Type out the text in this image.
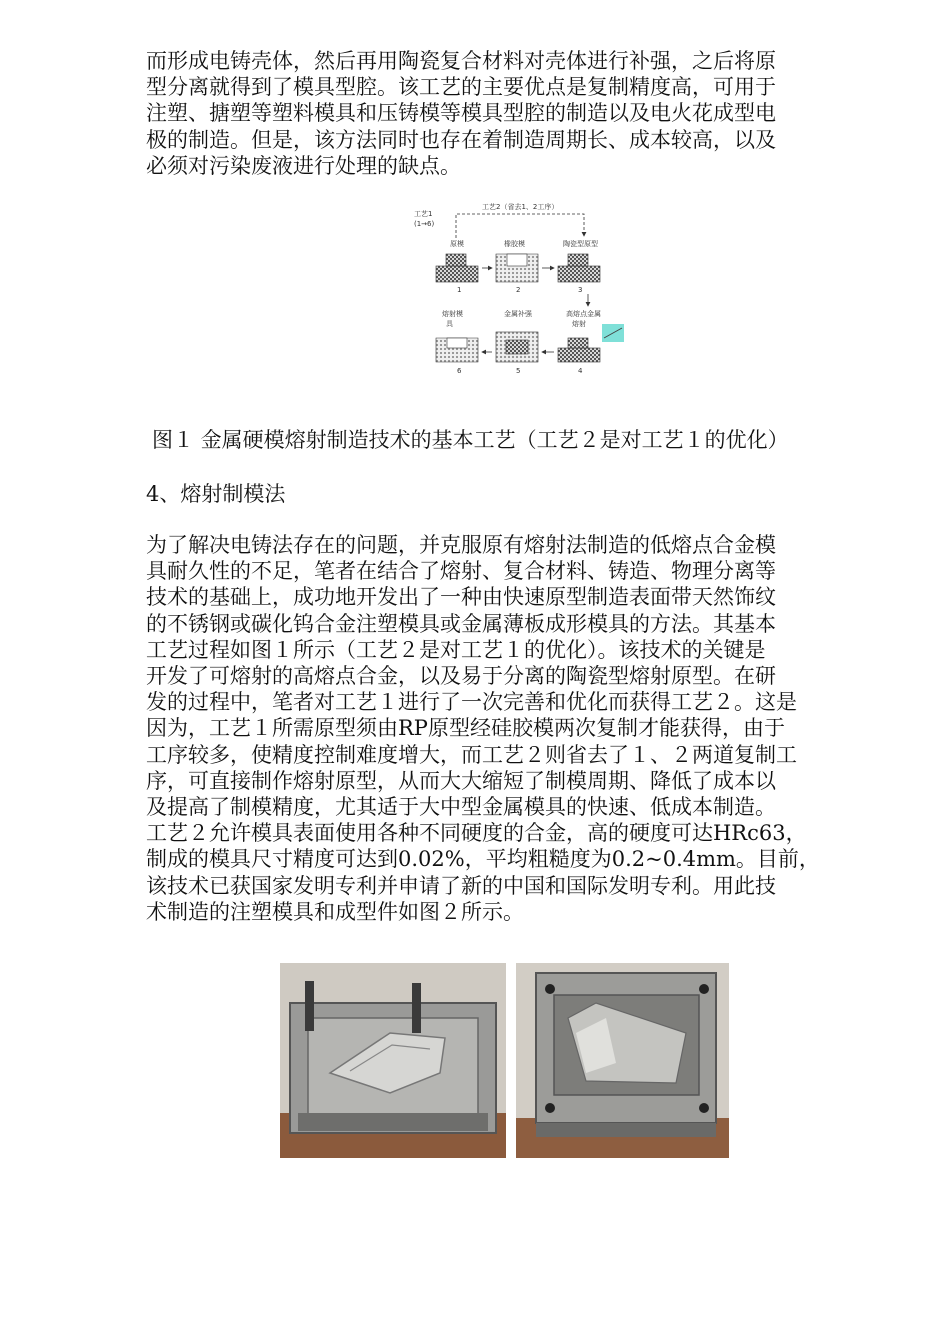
而形成电铸壳体，然后再用陶瓷复合材料对壳体进行补强，之后将原
型分离就得到了模具型腔。该工艺的主要优点是复制精度高，可用于
注塑、搪塑等塑料模具和压铸模等模具型腔的制造以及电火花成型电
极的制造。但是，该方法同时也存在着制造周期长、成本较高，以及
必须对污染废液进行处理的缺点。
工艺1
(1→6)
工艺2（省去1、2工序）
原模	橡胶模	陶瓷型原型
高熔点金属
熔射
金属补强
熔射模
具
1	2	3
4
5
6
图１ 金属硬模熔射制造技术的基本工艺（工艺２是对工艺１的优化）
4、熔射制模法
为了解决电铸法存在的问题，并克服原有熔射法制造的低熔点合金模
具耐久性的不足，笔者在结合了熔射、复合材料、铸造、物理分离等
技术的基础上，成功地开发出了一种由快速原型制造表面带天然饰纹
的不锈钢或碳化钨合金注塑模具或金属薄板成形模具的方法。其基本
工艺过程如图１所示（工艺２是对工艺１的优化）。该技术的关键是
开发了可熔射的高熔点合金，以及易于分离的陶瓷型熔射原型。在研
发的过程中，笔者对工艺１进行了一次完善和优化而获得工艺２。这是
因为，工艺１所需原型须由RP原型经硅胶模两次复制才能获得，由于
工序较多，使精度控制难度增大，而工艺２则省去了１、２两道复制工
序，可直接制作熔射原型，从而大大缩短了制模周期、降低了成本以
及提高了制模精度，尤其适于大中型金属模具的快速、低成本制造。
工艺２允许模具表面使用各种不同硬度的合金，高的硬度可达HRc63，
制成的模具尺寸精度可达到0.02%，平均粗糙度为0.2~0.4mm。目前，
该技术已获国家发明专利并申请了新的中国和国际发明专利。用此技
术制造的注塑模具和成型件如图２所示。
